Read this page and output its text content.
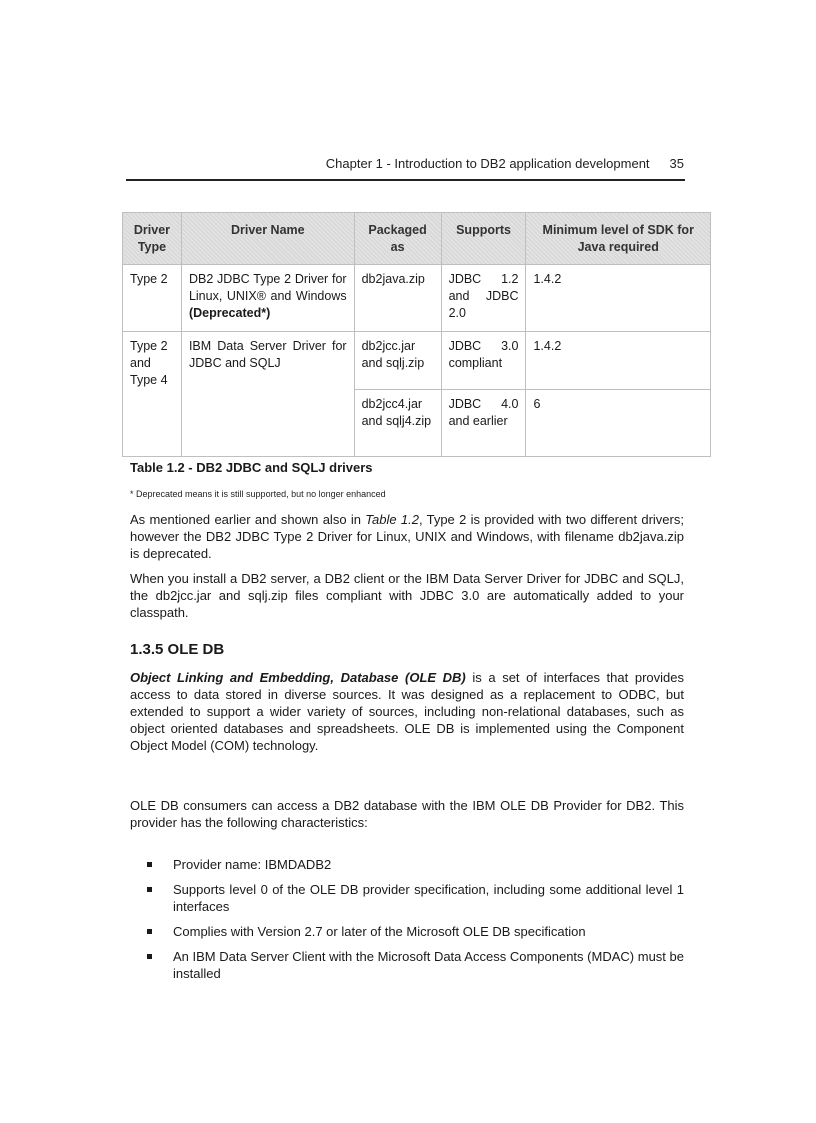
Chapter 1 - Introduction to DB2 application development 35
Driver Type	Driver Name	Packaged as	Supports	Minimum level of SDK for Java required
Type 2	DB2 JDBC Type 2 Driver for Linux, UNIX® and Windows (Deprecated*)	db2java.zip	JDBC 1.2 and JDBC 2.0	1.4.2
Type 2 and Type 4	IBM Data Server Driver for JDBC and SQLJ	db2jcc.jar and sqlj.zip	JDBC 3.0 compliant	1.4.2
		db2jcc4.jar and sqlj4.zip	JDBC 4.0 and earlier	6
Table 1.2 - DB2 JDBC and SQLJ drivers
* Deprecated means it is still supported, but no longer enhanced

As mentioned earlier and shown also in Table 1.2, Type 2 is provided with two different drivers; however the DB2 JDBC Type 2 Driver for Linux, UNIX and Windows, with filename db2java.zip is deprecated.

When you install a DB2 server, a DB2 client or the IBM Data Server Driver for JDBC and SQLJ, the db2jcc.jar and sqlj.zip files compliant with JDBC 3.0 are automatically added to your classpath.

1.3.5 OLE DB

Object Linking and Embedding, Database (OLE DB) is a set of interfaces that provides access to data stored in diverse sources. It was designed as a replacement to ODBC, but extended to support a wider variety of sources, including non-relational databases, such as object oriented databases and spreadsheets. OLE DB is implemented using the Component Object Model (COM) technology.

OLE DB consumers can access a DB2 database with the IBM OLE DB Provider for DB2. This provider has the following characteristics:

Provider name: IBMDADB2
Supports level 0 of the OLE DB provider specification, including some additional level 1 interfaces
Complies with Version 2.7 or later of the Microsoft OLE DB specification
An IBM Data Server Client with the Microsoft Data Access Components (MDAC) must be installed
